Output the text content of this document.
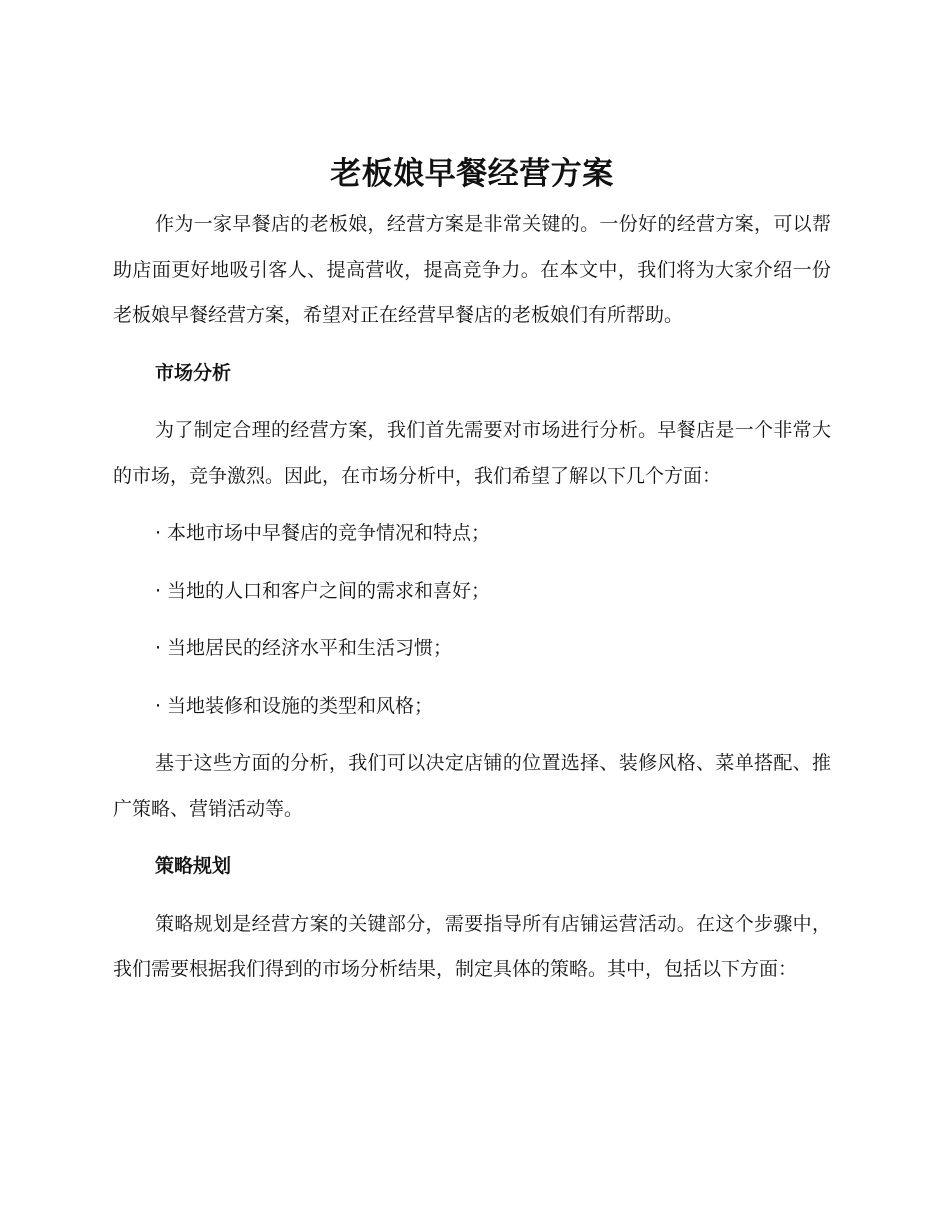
老板娘早餐经营方案

作为一家早餐店的老板娘，经营方案是非常关键的。一份好的经营方案，可以帮助店面更好地吸引客人、提高营收，提高竞争力。在本文中，我们将为大家介绍一份老板娘早餐经营方案，希望对正在经营早餐店的老板娘们有所帮助。

市场分析

为了制定合理的经营方案，我们首先需要对市场进行分析。早餐店是一个非常大的市场，竞争激烈。因此，在市场分析中，我们希望了解以下几个方面：

· 本地市场中早餐店的竞争情况和特点；
· 当地的人口和客户之间的需求和喜好；
· 当地居民的经济水平和生活习惯；
· 当地装修和设施的类型和风格；

基于这些方面的分析，我们可以决定店铺的位置选择、装修风格、菜单搭配、推广策略、营销活动等。

策略规划

策略规划是经营方案的关键部分，需要指导所有店铺运营活动。在这个步骤中，我们需要根据我们得到的市场分析结果，制定具体的策略。其中，包括以下方面：
